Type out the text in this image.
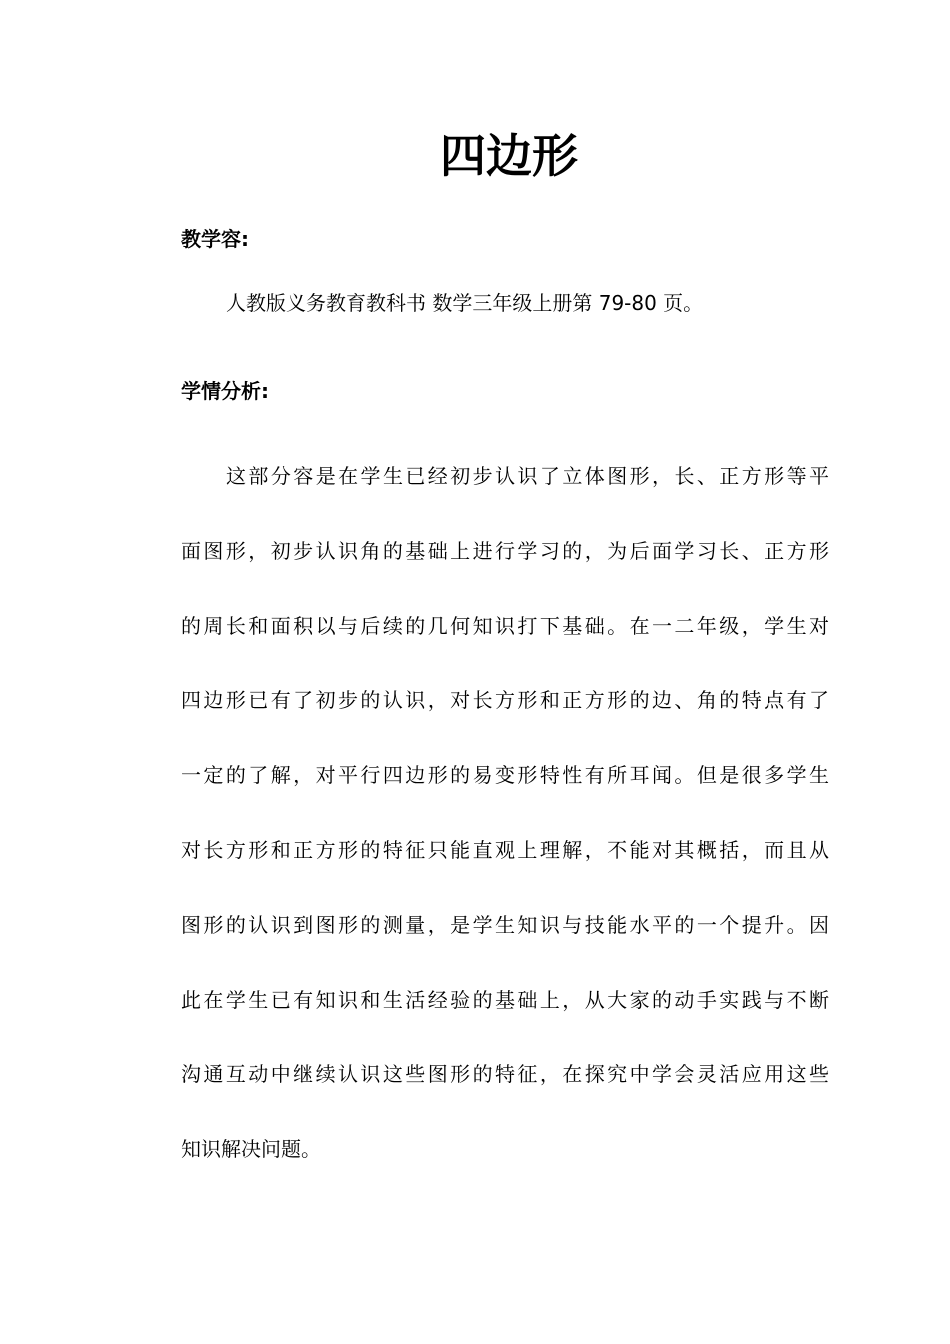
四边形
教学容:

人教版义务教育教科书 数学三年级上册第 79-80 页。

学情分析:
这部分容是在学生已经初步认识了立体图形，长、正方形等平
面图形，初步认识角的基础上进行学习的，为后面学习长、正方形
的周长和面积以与后续的几何知识打下基础。在一二年级，学生对
四边形已有了初步的认识，对长方形和正方形的边、角的特点有了
一定的了解，对平行四边形的易变形特性有所耳闻。但是很多学生
对长方形和正方形的特征只能直观上理解，不能对其概括，而且从
图形的认识到图形的测量，是学生知识与技能水平的一个提升。因
此在学生已有知识和生活经验的基础上，从大家的动手实践与不断
沟通互动中继续认识这些图形的特征，在探究中学会灵活应用这些
知识解决问题。
